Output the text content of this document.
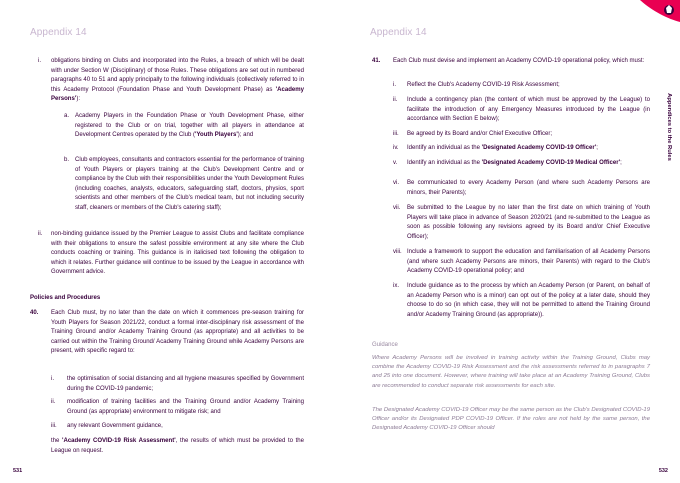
Appendix 14
i. obligations binding on Clubs and incorporated into the Rules, a breach of which will be dealt with under Section W (Disciplinary) of those Rules. These obligations are set out in numbered paragraphs 40 to 51 and apply principally to the following individuals (collectively referred to in this Academy Protocol (Foundation Phase and Youth Development Phase) as 'Academy Persons'):
a. Academy Players in the Foundation Phase or Youth Development Phase, either registered to the Club or on trial, together with all players in attendance at Development Centres operated by the Club ('Youth Players'); and
b. Club employees, consultants and contractors essential for the performance of training of Youth Players or players training at the Club's Development Centre and or compliance by the Club with their responsibilities under the Youth Development Rules (including coaches, analysts, educators, safeguarding staff, doctors, physios, sport scientists and other members of the Club's medical team, but not including security staff, cleaners or members of the Club's catering staff);
ii. non-binding guidance issued by the Premier League to assist Clubs and facilitate compliance with their obligations to ensure the safest possible environment at any site where the Club conducts coaching or training. This guidance is in italicised text following the obligation to which it relates. Further guidance will continue to be issued by the League in accordance with Government advice.
Policies and Procedures
40. Each Club must, by no later than the date on which it commences pre-season training for Youth Players for Season 2021/22, conduct a formal inter-disciplinary risk assessment of the Training Ground and/or Academy Training Ground (as appropriate) and all activities to be carried out within the Training Ground/ Academy Training Ground while Academy Persons are present, with specific regard to:
i. the optimisation of social distancing and all hygiene measures specified by Government during the COVID-19 pandemic;
ii. modification of training facilities and the Training Ground and/or Academy Training Ground (as appropriate) environment to mitigate risk; and
iii. any relevant Government guidance,
the 'Academy COVID-19 Risk Assessment', the results of which must be provided to the League on request.
531
Appendix 14
Appendices to the Rules
41. Each Club must devise and implement an Academy COVID-19 operational policy, which must:
i. Reflect the Club's Academy COVID-19 Risk Assessment;
ii. Include a contingency plan (the content of which must be approved by the League) to facilitate the introduction of any Emergency Measures introduced by the League (in accordance with Section E below);
iii. Be agreed by its Board and/or Chief Executive Officer;
iv. Identify an individual as the 'Designated Academy COVID-19 Officer';
v. Identify an individual as the 'Designated Academy COVID-19 Medical Officer';
vi. Be communicated to every Academy Person (and where such Academy Persons are minors, their Parents);
vii. Be submitted to the League by no later than the first date on which training of Youth Players will take place in advance of Season 2020/21 (and re-submitted to the League as soon as possible following any revisions agreed by its Board and/or Chief Executive Officer);
viii. Include a framework to support the education and familiarisation of all Academy Persons (and where such Academy Persons are minors, their Parents) with regard to the Club's Academy COVID-19 operational policy; and
ix. Include guidance as to the process by which an Academy Person (or Parent, on behalf of an Academy Person who is a minor) can opt out of the policy at a later date, should they choose to do so (in which case, they will not be permitted to attend the Training Ground and/or Academy Training Ground (as appropriate)).
Guidance
Where Academy Persons will be involved in training activity within the Training Ground, Clubs may combine the Academy COVID-19 Risk Assessment and the risk assessments referred to in paragraphs 7 and 25 into one document. However, where training will take place at an Academy Training Ground, Clubs are recommended to conduct separate risk assessments for each site.
The Designated Academy COVID-19 Officer may be the same person as the Club's Designated COVID-19 Officer and/or its Designated PDP COVID-19 Officer. If the roles are not held by the same person, the Designated Academy COVID-19 Officer should
532
